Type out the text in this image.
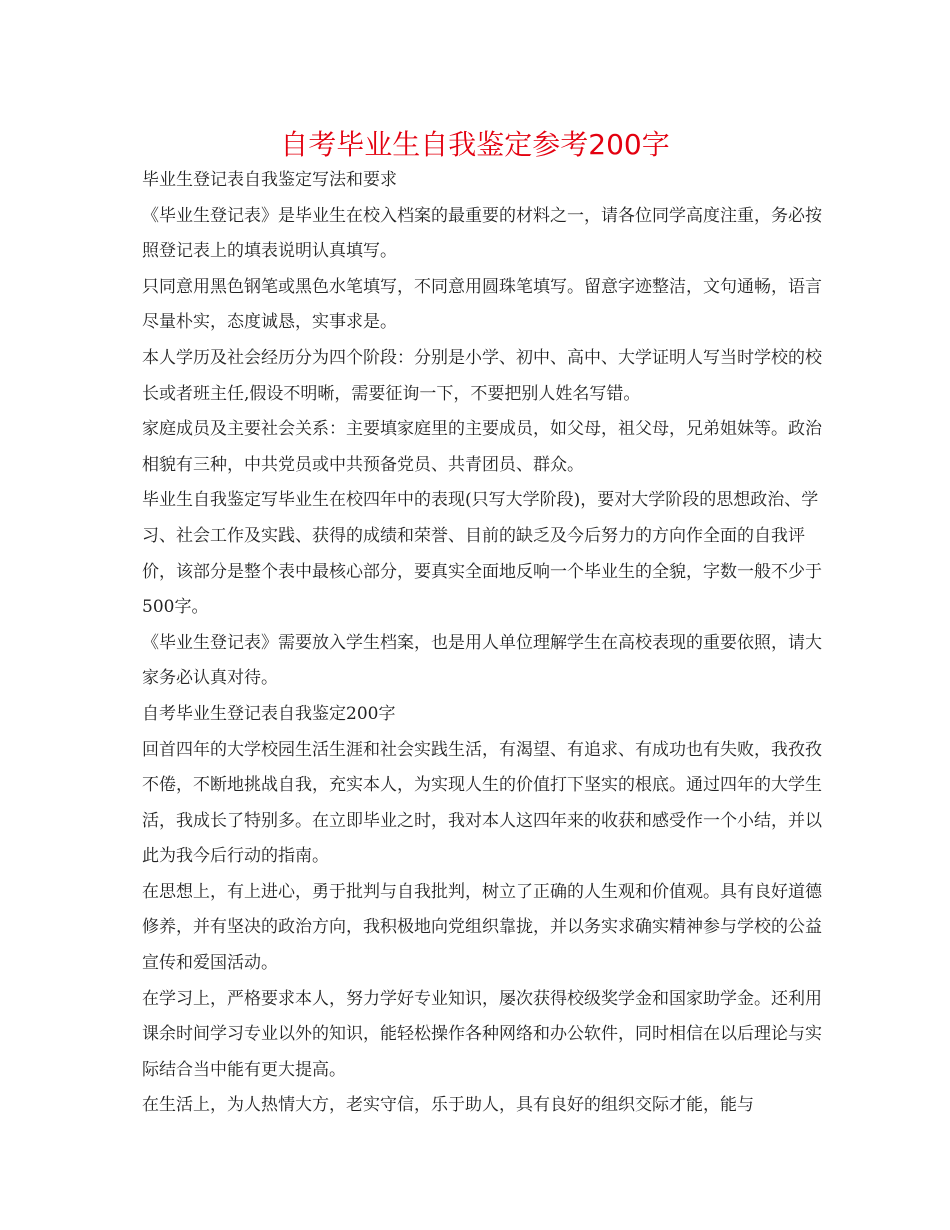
自考毕业生自我鉴定参考200字

毕业生登记表自我鉴定写法和要求

《毕业生登记表》是毕业生在校入档案的最重要的材料之一，请各位同学高度注重，务必按照登记表上的填表说明认真填写。

只同意用黑色钢笔或黑色水笔填写，不同意用圆珠笔填写。留意字迹整洁，文句通畅，语言尽量朴实，态度诚恳，实事求是。

本人学历及社会经历分为四个阶段：分别是小学、初中、高中、大学证明人写当时学校的校长或者班主任,假设不明晰，需要征询一下，不要把别人姓名写错。

家庭成员及主要社会关系：主要填家庭里的主要成员，如父母，祖父母，兄弟姐妹等。政治相貌有三种，中共党员或中共预备党员、共青团员、群众。

毕业生自我鉴定写毕业生在校四年中的表现(只写大学阶段)，要对大学阶段的思想政治、学习、社会工作及实践、获得的成绩和荣誉、目前的缺乏及今后努力的方向作全面的自我评价，该部分是整个表中最核心部分，要真实全面地反响一个毕业生的全貌，字数一般不少于500字。

《毕业生登记表》需要放入学生档案，也是用人单位理解学生在高校表现的重要依照，请大家务必认真对待。

自考毕业生登记表自我鉴定200字

回首四年的大学校园生活生涯和社会实践生活，有渴望、有追求、有成功也有失败，我孜孜不倦，不断地挑战自我，充实本人，为实现人生的价值打下坚实的根底。通过四年的大学生活，我成长了特别多。在立即毕业之时，我对本人这四年来的收获和感受作一个小结，并以此为我今后行动的指南。

在思想上，有上进心，勇于批判与自我批判，树立了正确的人生观和价值观。具有良好道德修养，并有坚决的政治方向，我积极地向党组织靠拢，并以务实求确实精神参与学校的公益宣传和爱国活动。

在学习上，严格要求本人，努力学好专业知识，屡次获得校级奖学金和国家助学金。还利用课余时间学习专业以外的知识，能轻松操作各种网络和办公软件，同时相信在以后理论与实际结合当中能有更大提高。

在生活上，为人热情大方，老实守信，乐于助人，具有良好的组织交际才能，能与
